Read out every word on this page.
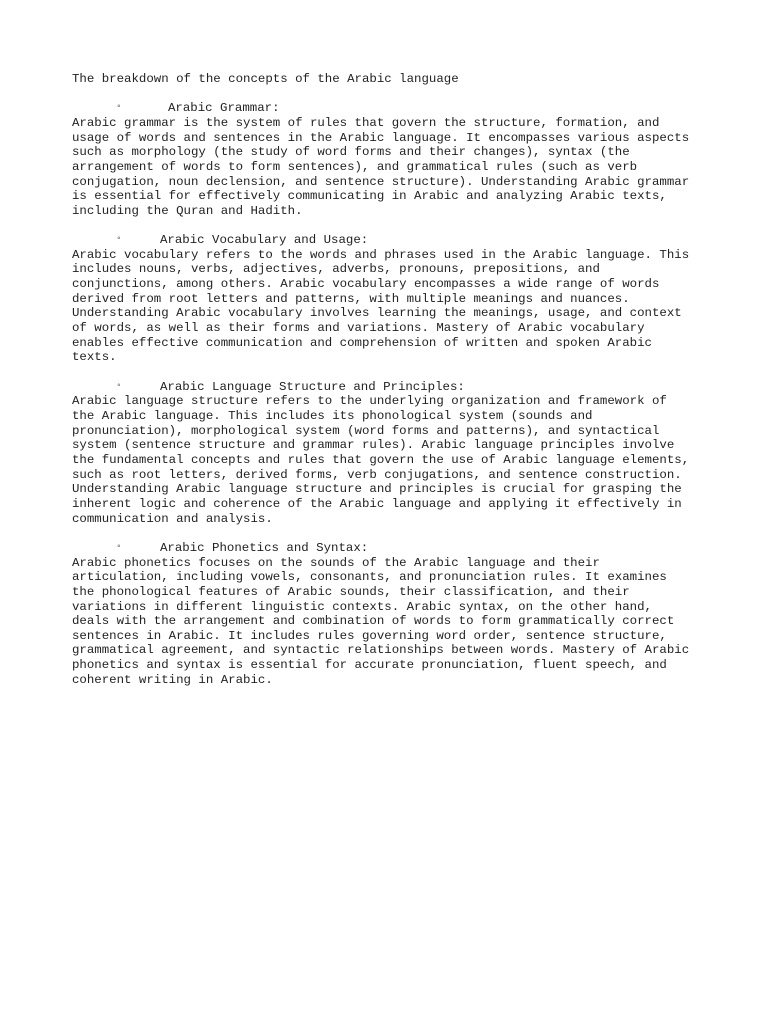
The breakdown of the concepts of the Arabic language

◦

	Arabic Grammar:

Arabic grammar is the system of rules that govern the structure, formation, and
usage of words and sentences in the Arabic language. It encompasses various aspects
such as morphology (the study of word forms and their changes), syntax (the
arrangement of words to form sentences), and grammatical rules (such as verb
conjugation, noun declension, and sentence structure). Understanding Arabic grammar
is essential for effectively communicating in Arabic and analyzing Arabic texts,
including the Quran and Hadith.

◦

	Arabic Vocabulary and Usage:

Arabic vocabulary refers to the words and phrases used in the Arabic language. This
includes nouns, verbs, adjectives, adverbs, pronouns, prepositions, and
conjunctions, among others. Arabic vocabulary encompasses a wide range of words
derived from root letters and patterns, with multiple meanings and nuances.
Understanding Arabic vocabulary involves learning the meanings, usage, and context
of words, as well as their forms and variations. Mastery of Arabic vocabulary
enables effective communication and comprehension of written and spoken Arabic
texts.

◦

	Arabic Language Structure and Principles:

Arabic language structure refers to the underlying organization and framework of
the Arabic language. This includes its phonological system (sounds and
pronunciation), morphological system (word forms and patterns), and syntactical
system (sentence structure and grammar rules). Arabic language principles involve
the fundamental concepts and rules that govern the use of Arabic language elements,
such as root letters, derived forms, verb conjugations, and sentence construction.
Understanding Arabic language structure and principles is crucial for grasping the
inherent logic and coherence of the Arabic language and applying it effectively in
communication and analysis.

◦

	Arabic Phonetics and Syntax:

Arabic phonetics focuses on the sounds of the Arabic language and their
articulation, including vowels, consonants, and pronunciation rules. It examines
the phonological features of Arabic sounds, their classification, and their
variations in different linguistic contexts. Arabic syntax, on the other hand,
deals with the arrangement and combination of words to form grammatically correct
sentences in Arabic. It includes rules governing word order, sentence structure,
grammatical agreement, and syntactic relationships between words. Mastery of Arabic
phonetics and syntax is essential for accurate pronunciation, fluent speech, and
coherent writing in Arabic.
